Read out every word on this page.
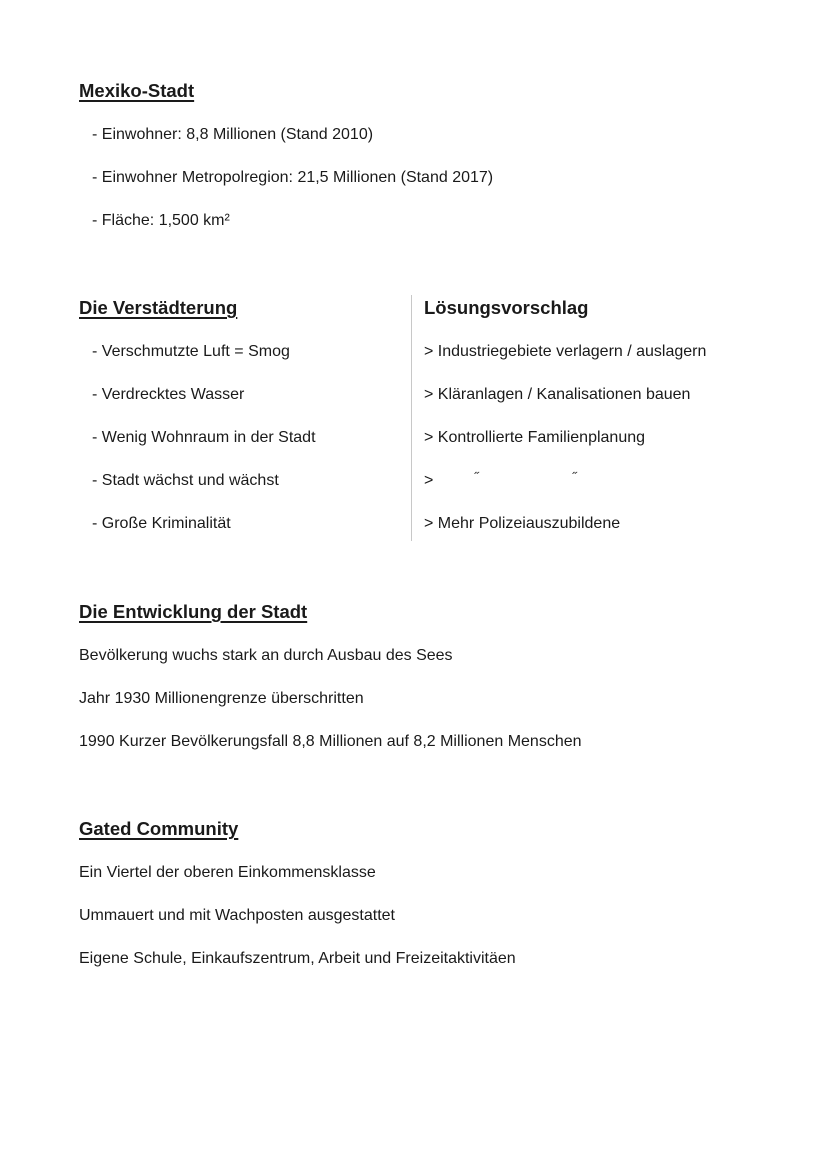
Mexiko-Stadt

- Einwohner: 8,8 Millionen (Stand 2010)

- Einwohner Metropolregion: 21,5 Millionen (Stand 2017)

- Fläche: 1,500 km²

Die Verstädterung

- Verschmutzte Luft = Smog

- Verdrecktes Wasser

- Wenig Wohnraum in der Stadt

- Stadt wächst und wächst

- Große Kriminalität

Lösungsvorschlag

> Industriegebiete verlagern / auslagern

> Kläranlagen / Kanalisationen bauen

> Kontrollierte Familienplanung

>	˝	˝

> Mehr Polizeiauszubildene

Die Entwicklung der Stadt

Bevölkerung wuchs stark an durch Ausbau des Sees

Jahr 1930 Millionengrenze überschritten

1990 Kurzer Bevölkerungsfall 8,8 Millionen auf 8,2 Millionen Menschen

Gated Community

Ein Viertel der oberen Einkommensklasse

Ummauert und mit Wachposten ausgestattet

Eigene Schule, Einkaufszentrum, Arbeit und Freizeitaktivitäen
